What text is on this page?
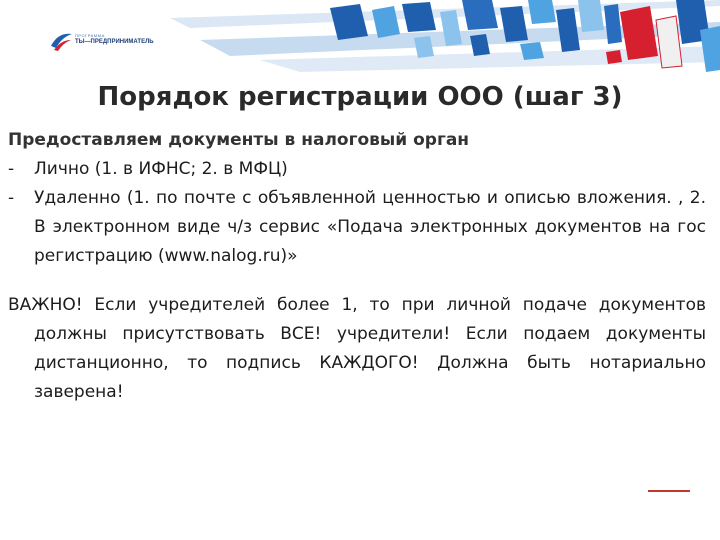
ПРОГРАММА
ТЫ—ПРЕДПРИНИМАТЕЛЬ
Порядок регистрации ООО (шаг 3)

Предоставляем документы в налоговый орган

- Лично (1. в ИФНС; 2. в МФЦ)
- Удаленно (1. по почте с объявленной ценностью и описью вложения. , 2. В электронном виде ч/з сервис «Подача электронных документов на гос регистрацию (www.nalog.ru)»

ВАЖНО! Если учредителей более 1, то при личной подаче документов должны присутствовать ВСЕ! учредители! Если подаем документы дистанционно, то подпись КАЖДОГО! Должна быть нотариально заверена!
